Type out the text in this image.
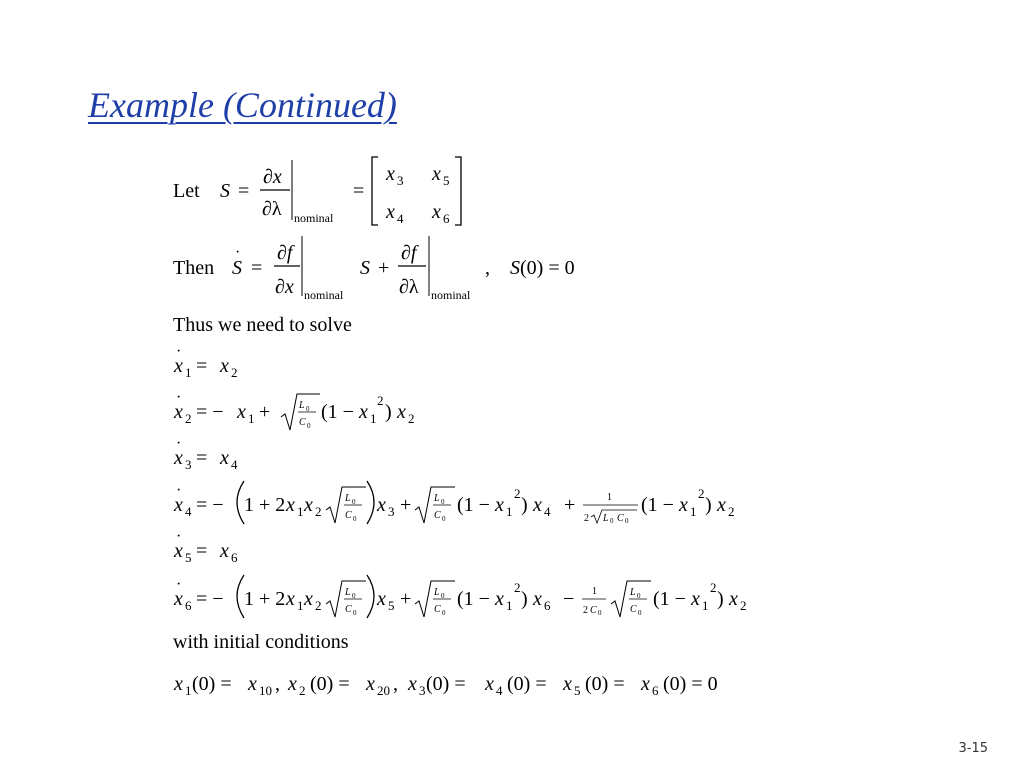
Example (Continued)
Let S =
∂x
∂λ nominal
=
x 3 x 5
x 4 x 6
Then S
·
=
∂f
∂x nominal
S +
∂f
∂λ nominal
, S(0) = 0
Thus we need to solve
x
·
1 = x 2
x
·
2 = − x 1 +	L 0
C 0
(1 − x 1
2
) x 2
x
·
3 = x 4
x
·
4 = − 1 + 2 x 1 x 2
L 0
C 0
x 3 + L 0
C 0
(1 − x 1
2
) x 4 +	1
2 L 0 C 0
(1 − x 1
2
) x 2
x
·
5 = x 6
x
·
6 = − 1 + 2 x 1 x 2
L 0
C 0
x 5 + L 0
C 0
(1 − x 1
2
) x 6 − 1
2 C 0
L 0
C 0
(1 − x 1
2
) x 2
with initial conditions
x 1 (0) = x 10 , x 2 (0) = x 20 , x 3 (0) = x 4 (0) = x 5 (0) = x 6 (0) = 0
3-15
